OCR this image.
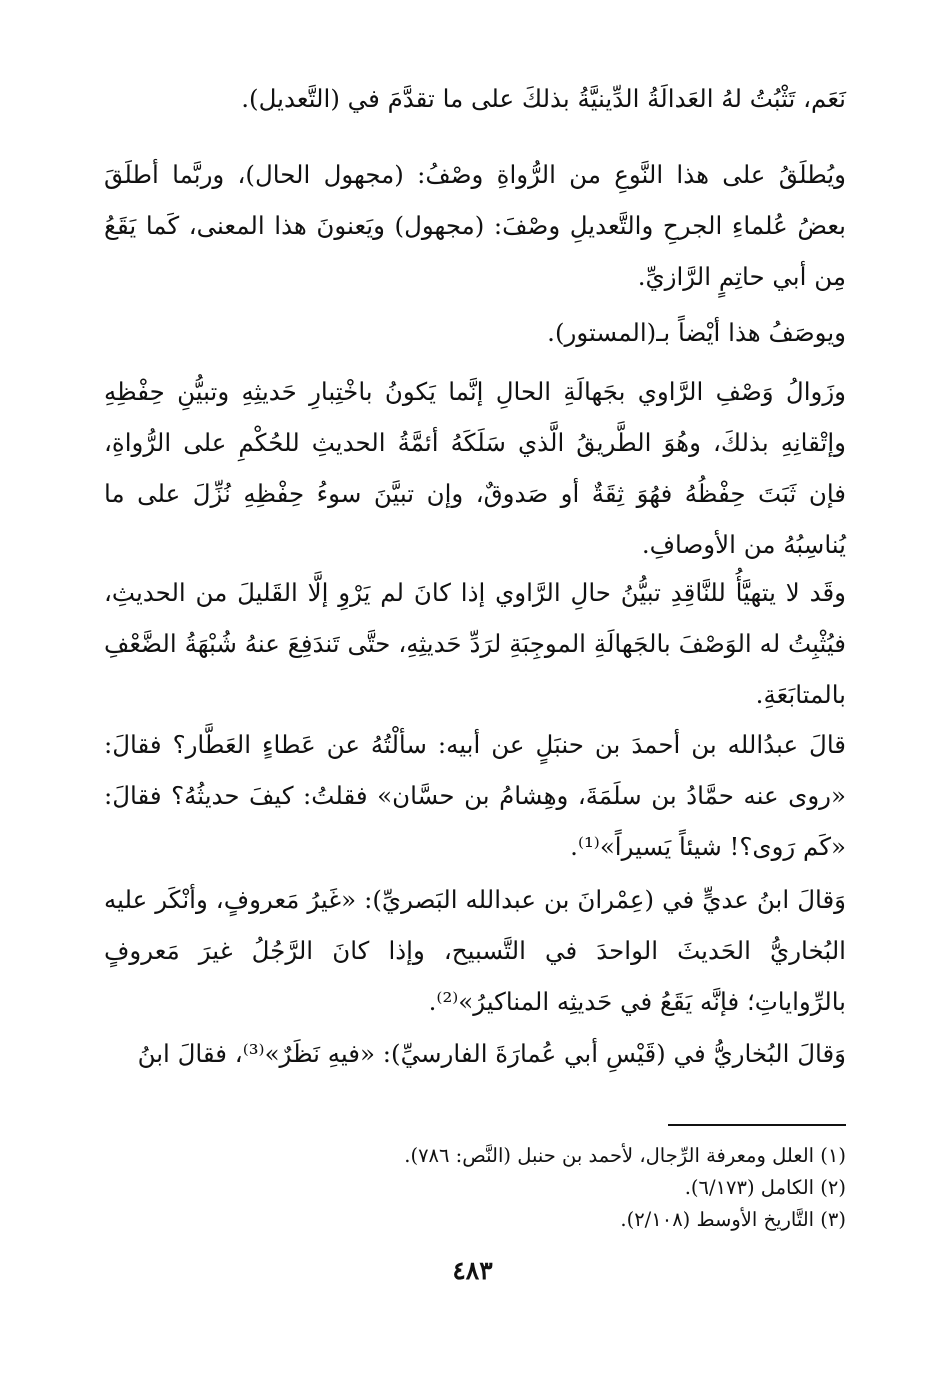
نَعَم، تَثْبُتُ لهُ العَدالَةُ الدِّينيَّةُ بذلكَ على ما تقدَّمَ في (التَّعديل).

ويُطلَقُ على هذا النَّوعِ من الرُّواةِ وصْفُ: (مجهول الحال)، وربَّما أطلَقَ بعضُ عُلماءِ الجرحِ والتَّعديلِ وصْفَ: (مجهول) ويَعنونَ هذا المعنى، كَما يَقَعُ مِن أبي حاتِمٍ الرَّازيِّ.

ويوصَفُ هذا أيْضاً بـ(المستور).

وزَوالُ وَصْفِ الرَّاوي بجَهالَةِ الحالِ إنَّما يَكونُ باخْتِبارِ حَديثِهِ وتبيُّنِ حِفْظِهِ وإتْقانِهِ بذلكَ، وهُوَ الطَّريقُ الَّذي سَلَكَهُ أئمَّةُ الحديثِ للحُكْمِ على الرُّواةِ، فإن ثَبَتَ حِفْظُهُ فهُوَ ثِقَةٌ أو صَدوقٌ، وإن تبيَّنَ سوءُ حِفْظِهِ نُزِّلَ على ما يُناسِبُهُ من الأوصافِ.

وقَد لا يتهيَّأُ للنَّاقِدِ تبيُّنُ حالِ الرَّاوي إذا كانَ لم يَرْوِ إلَّا القَليلَ من الحديثِ، فيُثْبِتُ له الوَصْفَ بالجَهالَةِ الموجِبَةِ لرَدِّ حَديثِهِ، حتَّى تَندَفِعَ عنهُ شُبْهَةُ الضَّعْفِ بالمتابَعَةِ.

قالَ عبدُالله بن أحمدَ بن حنبَلٍ عن أبيه: سألْتُهُ عن عَطاءٍ العَطَّار؟ فقالَ: «روى عنه حمَّادُ بن سلَمَةَ، وهِشامُ بن حسَّان» فقلتُ: كيفَ حديثُهُ؟ فقالَ: «كَم رَوى؟! شيئاً يَسيراً»⁽¹⁾.

وَقالَ ابنُ عديٍّ في (عِمْرانَ بن عبدالله البَصريِّ): «غَيرُ مَعروفٍ، وأنْكَر عليه البُخاريُّ الحَديثَ الواحدَ في التَّسبيح، وإذا كانَ الرَّجُلُ غيرَ مَعروفٍ بالرِّواياتِ؛ فإنَّه يَقَعُ في حَديثِه المناكيرُ»⁽²⁾.

وَقالَ البُخاريُّ في (قَيْسِ أبي عُمارَةَ الفارسيِّ): «فيهِ نَظَرٌ»⁽³⁾، فقالَ ابنُ

(١) العلل ومعرفة الرِّجال، لأحمد بن حنبل (النَّص: ٧٨٦).
(٢) الكامل (٦/١٧٣).
(٣) التَّاريخ الأوسط (٢/١٠٨).
٤٨٣
